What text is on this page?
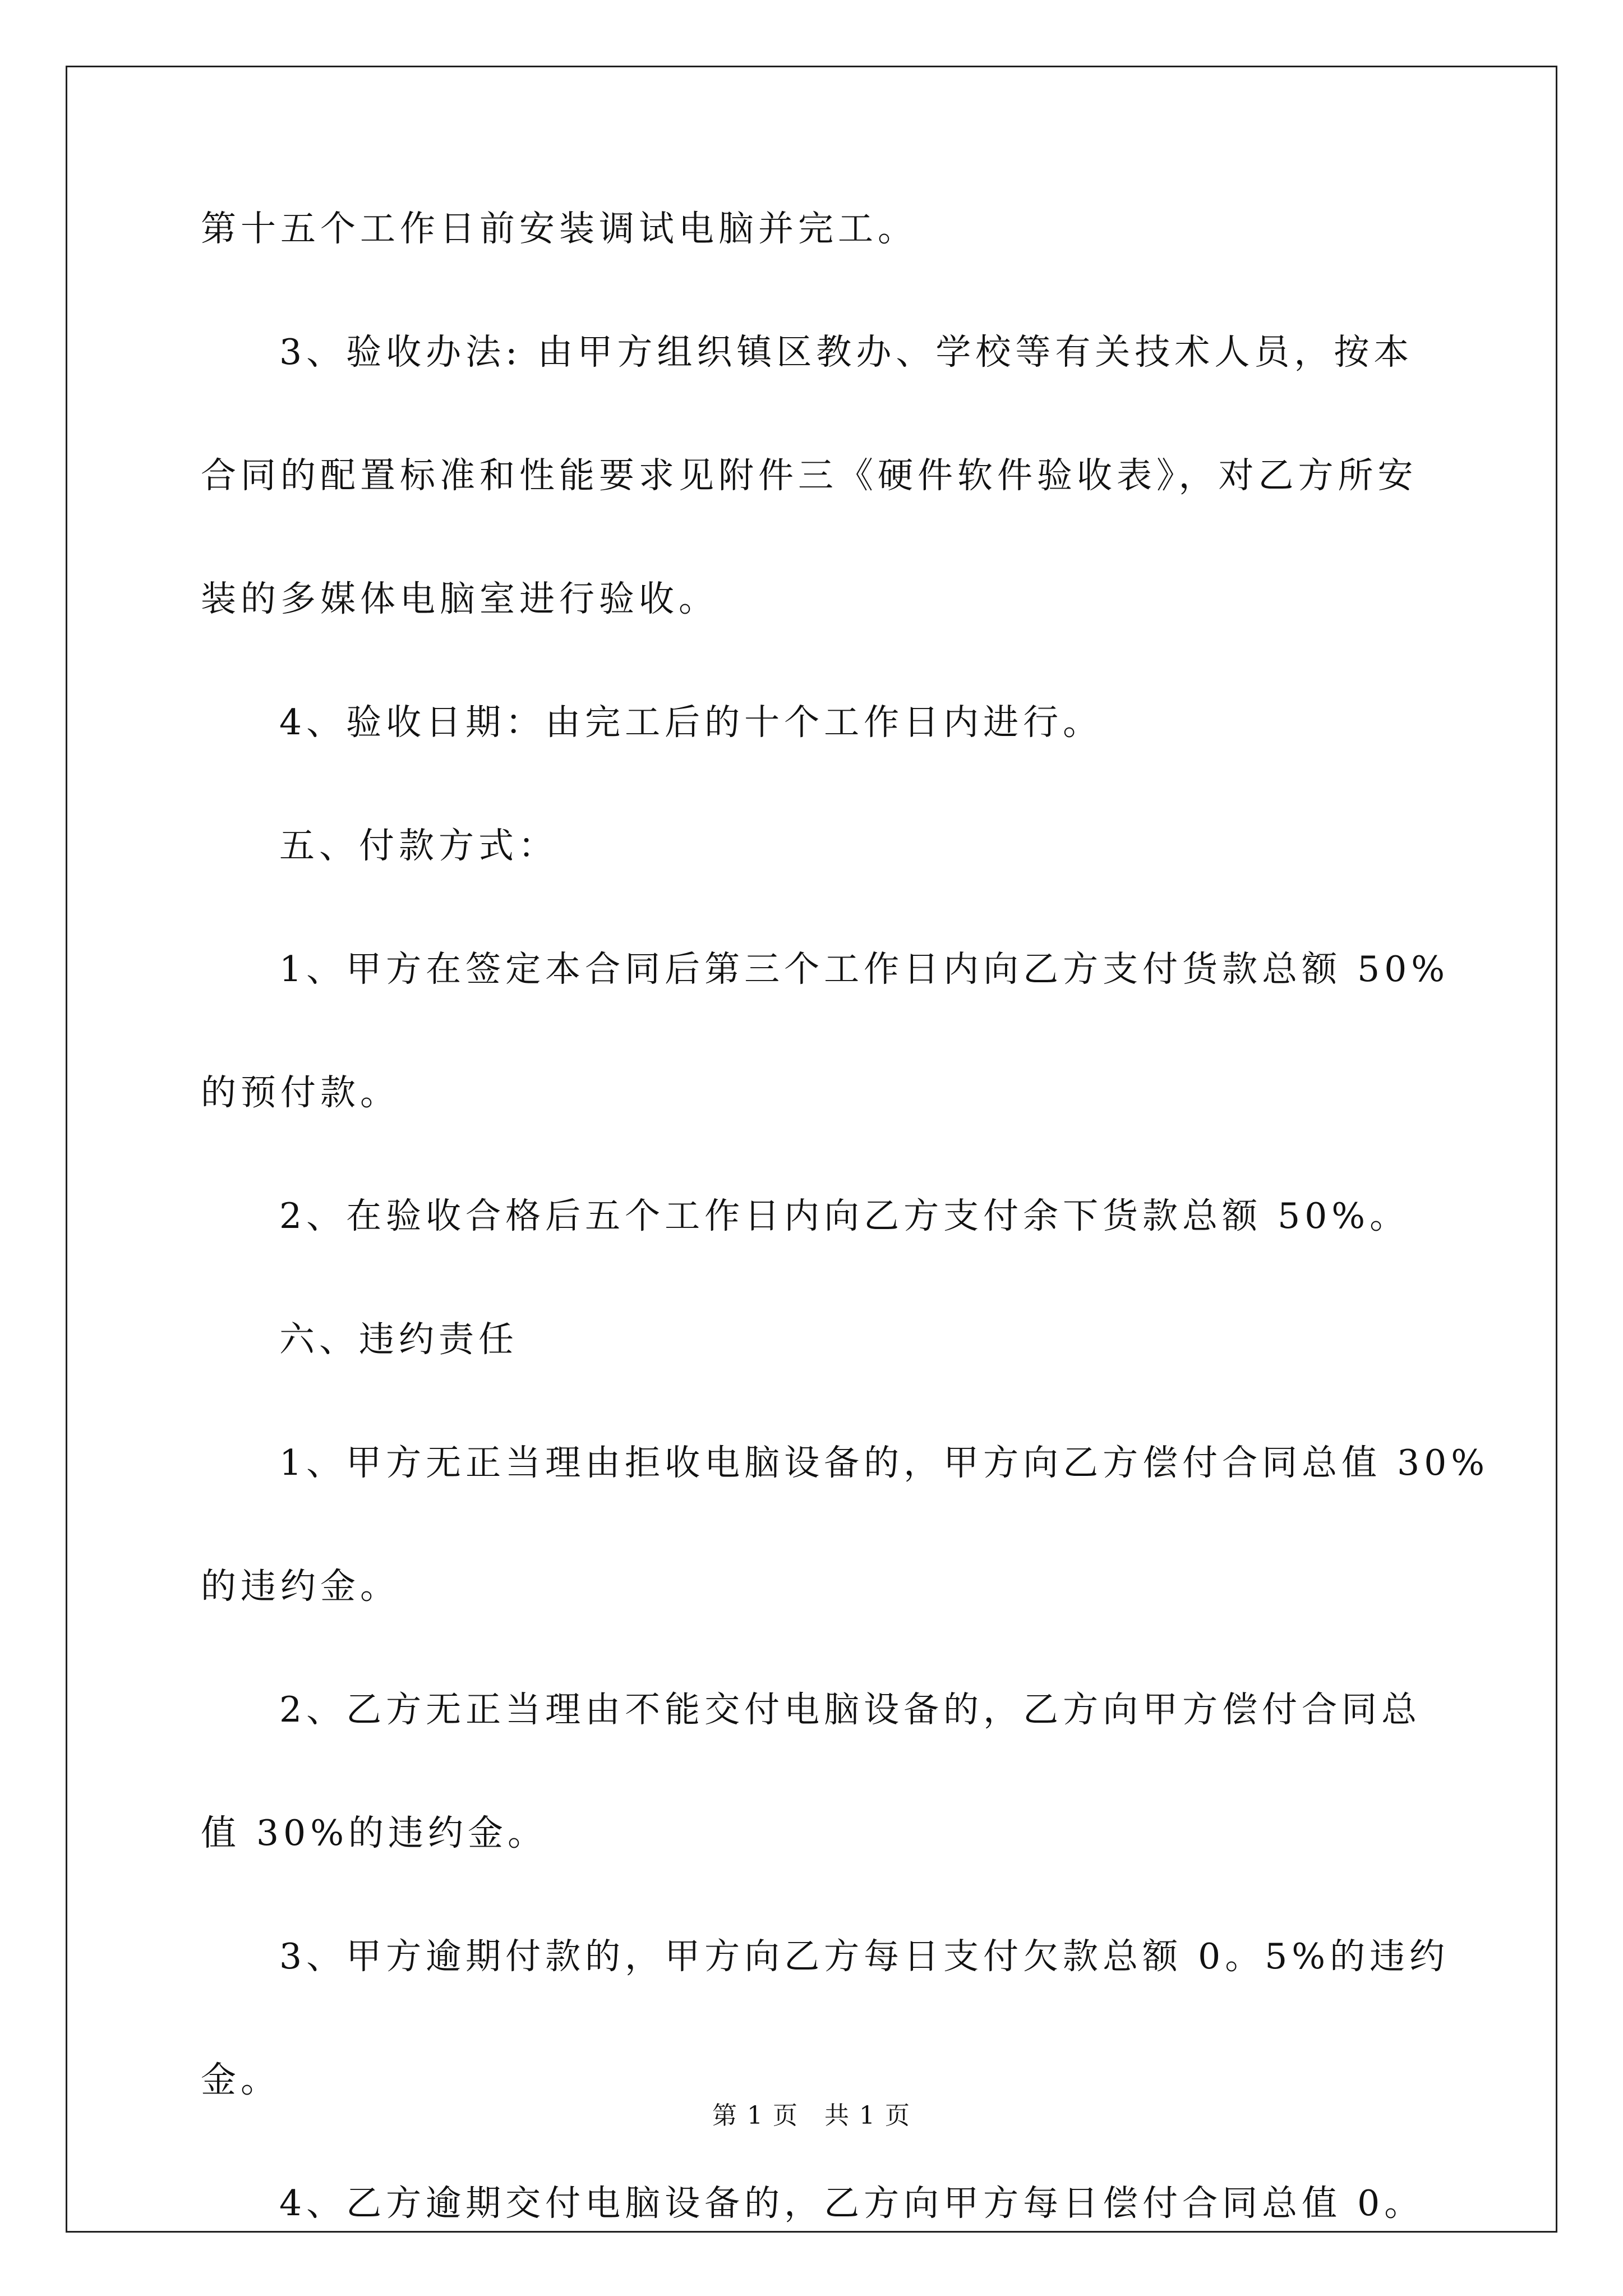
第十五个工作日前安装调试电脑并完工。
3、验收办法: 由甲方组织镇区教办、学校等有关技术人员，按本
合同的配置标准和性能要求见附件三《硬件软件验收表》，对乙方所安
装的多媒体电脑室进行验收。
4、验收日期：由完工后的十个工作日内进行。
五、付款方式：
1、甲方在签定本合同后第三个工作日内向乙方支付货款总额 50%
的预付款。
2、在验收合格后五个工作日内向乙方支付余下货款总额 50%。
六、违约责任
1、甲方无正当理由拒收电脑设备的，甲方向乙方偿付合同总值 30%
的违约金。
2、乙方无正当理由不能交付电脑设备的，乙方向甲方偿付合同总
值 30%的违约金。
3、甲方逾期付款的，甲方向乙方每日支付欠款总额 0。5%的违约
金。
4、乙方逾期交付电脑设备的，乙方向甲方每日偿付合同总值 0。
第 1 页　共 1 页
